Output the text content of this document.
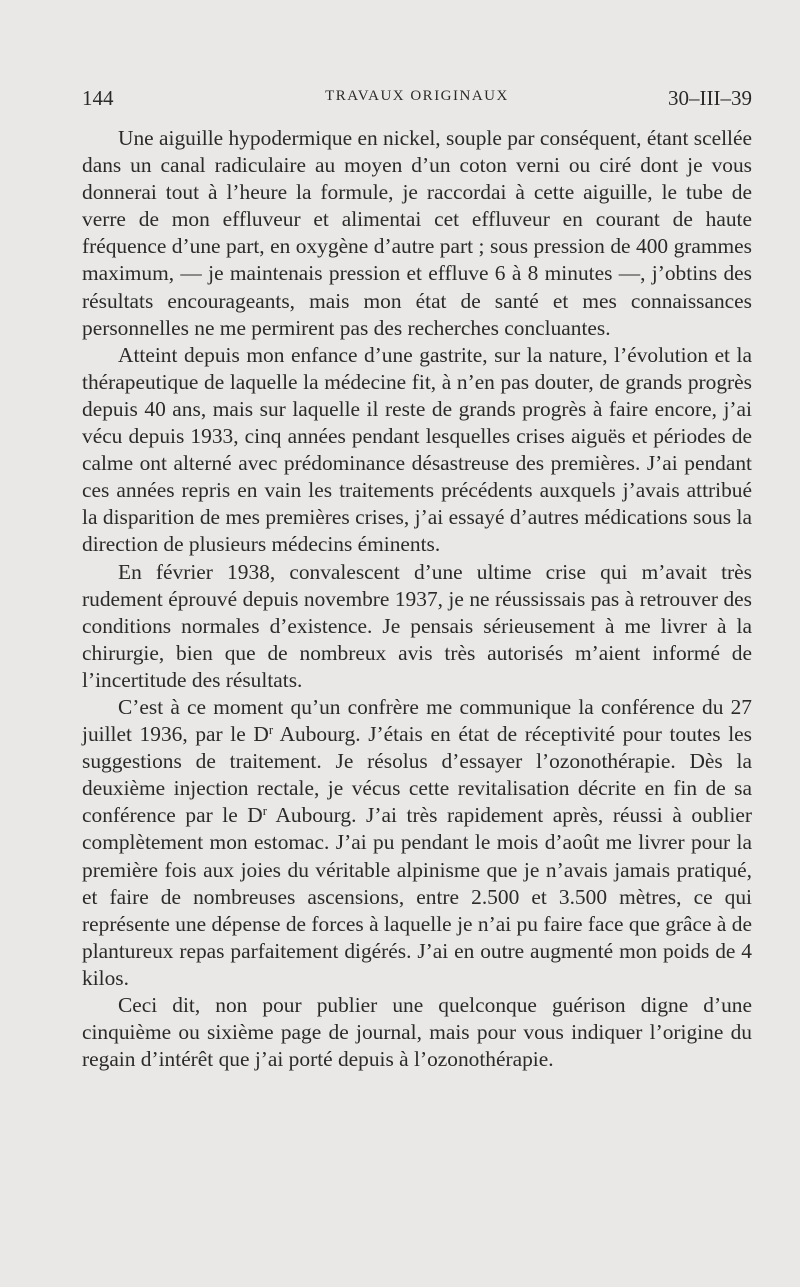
144	TRAVAUX ORIGINAUX	30–III–39

Une aiguille hypodermique en nickel, souple par conséquent, étant scellée dans un canal radiculaire au moyen d’un coton verni ou ciré dont je vous donnerai tout à l’heure la formule, je raccordai à cette aiguille, le tube de verre de mon effluveur et alimentai cet effluveur en courant de haute fréquence d’une part, en oxygène d’autre part ; sous pression de 400 grammes maximum, — je maintenais pression et effluve 6 à 8 minutes —, j’obtins des résultats encourageants, mais mon état de santé et mes connaissances personnelles ne me permirent pas des recherches concluantes.

Atteint depuis mon enfance d’une gastrite, sur la nature, l’évolution et la thérapeutique de laquelle la médecine fit, à n’en pas douter, de grands progrès depuis 40 ans, mais sur laquelle il reste de grands progrès à faire encore, j’ai vécu depuis 1933, cinq années pendant lesquelles crises aiguës et périodes de calme ont alterné avec prédominance désastreuse des premières. J’ai pendant ces années repris en vain les traitements précédents auxquels j’avais attribué la disparition de mes premières crises, j’ai essayé d’autres médications sous la direction de plusieurs médecins éminents.

En février 1938, convalescent d’une ultime crise qui m’avait très rudement éprouvé depuis novembre 1937, je ne réussissais pas à retrouver des conditions normales d’existence. Je pensais sérieusement à me livrer à la chirurgie, bien que de nombreux avis très autorisés m’aient informé de l’incertitude des résultats.

C’est à ce moment qu’un confrère me communique la conférence du 27 juillet 1936, par le $D^r$ Aubourg. J’étais en état de réceptivité pour toutes les suggestions de traitement. Je résolus d’essayer l’ozonothérapie. Dès la deuxième injection rectale, je vécus cette revitalisation décrite en fin de sa conférence par le $D^r$ Aubourg. J’ai très rapidement après, réussi à oublier complètement mon estomac. J’ai pu pendant le mois d’août me livrer pour la première fois aux joies du véritable alpinisme que je n’avais jamais pratiqué, et faire de nombreuses ascensions, entre 2.500 et 3.500 mètres, ce qui représente une dépense de forces à laquelle je n’ai pu faire face que grâce à de plantureux repas parfaitement digérés. J’ai en outre augmenté mon poids de 4 kilos.

Ceci dit, non pour publier une quelconque guérison digne d’une cinquième ou sixième page de journal, mais pour vous indiquer l’origine du regain d’intérêt que j’ai porté depuis à l’ozonothérapie.
